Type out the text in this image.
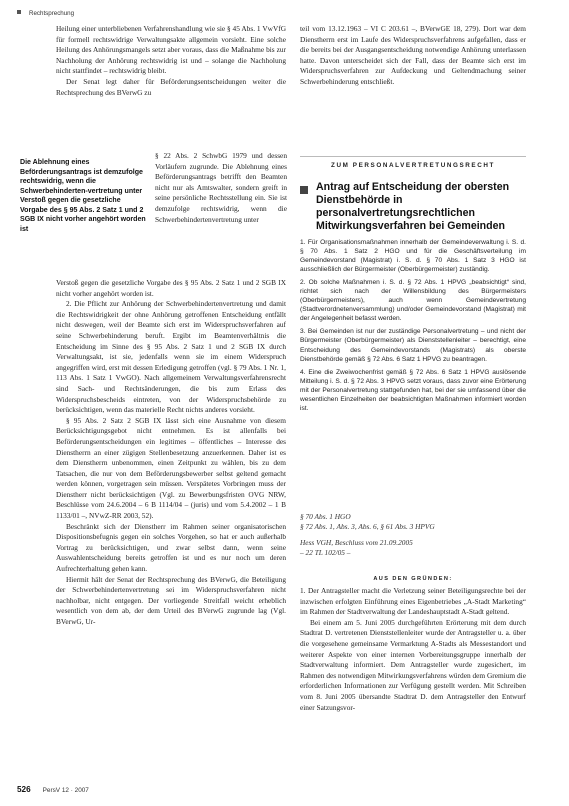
Rechtsprechung

Heilung einer unterbliebenen Verfahrenshandlung wie sie § 45 Abs. 1 VwVfG für formell rechtswidrige Verwaltungsakte allgemein vorsieht. Eine solche Heilung des Anhörungsmangels setzt aber voraus, dass die Maßnahme bis zur Nachholung der Anhörung rechtswidrig ist und – solange die Nachholung nicht stattfindet – rechtswidrig bleibt.

Der Senat legt daher für Beförderungsentscheidungen weiter die Rechtsprechung des BVerwG zu

Die Ablehnung eines Beförderungsantrags ist demzufolge rechtswidrig, wenn die Schwerbehinderten-vertretung unter Verstoß gegen die gesetzliche Vorgabe des § 95 Abs. 2 Satz 1 und 2 SGB IX nicht vorher angehört worden ist

§ 22 Abs. 2 SchwbG 1979 und dessen Vorläufern zugrunde. Die Ablehnung eines Beförderungsantrags betrifft den Beamten nicht nur als Amtswalter, sondern greift in seine persönliche Rechtsstellung ein. Sie ist demzufolge rechtswidrig, wenn die Schwerbehindertenvertretung unter

Verstoß gegen die gesetzliche Vorgabe des § 95 Abs. 2 Satz 1 und 2 SGB IX nicht vorher angehört worden ist.

2. Die Pflicht zur Anhörung der Schwerbehindertenvertretung und damit die Rechtswidrigkeit der ohne Anhörung getroffenen Entscheidung entfällt nicht deswegen, weil der Beamte sich erst im Widerspruchsverfahren auf seine Schwerbehinderung beruft. Ergibt im Beamtenverhältnis die Entscheidung im Sinne des § 95 Abs. 2 Satz 1 und 2 SGB IX durch Verwaltungsakt, ist sie, jedenfalls wenn sie im einem Widerspruch angegriffen wird, erst mit dessen Erledigung getroffen (vgl. § 79 Abs. 1 Nr. 1, 113 Abs. 1 Satz 1 VwGO). Nach allgemeinem Verwaltungsverfahrensrecht sind Sach- und Rechtsänderungen, die bis zum Erlass des Widerspruchsbescheids eintreten, von der Widerspruchsbehörde zu berücksichtigen, wenn das materielle Recht nichts anderes vorsieht.

§ 95 Abs. 2 Satz 2 SGB IX lässt sich eine Ausnahme von diesem Berücksichtigungsgebot nicht entnehmen. Es ist allenfalls bei Beförderungsentscheidungen ein legitimes – öffentliches – Interesse des Dienstherrn an einer zügigen Stellenbesetzung anzuerkennen. Daher ist es dem Dienstherrn unbenommen, einen Zeitpunkt zu wählen, bis zu dem Tatsachen, die nur von dem Beförderungsbewerber selbst geltend gemacht werden können, vorgetragen sein müssen. Verspätetes Vorbringen muss der Dienstherr nicht berücksichtigen (Vgl. zu Bewerbungsfristen OVG NRW, Beschlüsse vom 24.6.2004 – 6 B 1114/04 – (juris) und vom 5.4.2002 – 1 B 1133/01 –, NVwZ-RR 2003, 52).

Beschränkt sich der Dienstherr im Rahmen seiner organisatorischen Dispositionsbefugnis gegen ein solches Vorgehen, so hat er auch außerhalb Vortrag zu berücksichtigen, und zwar selbst dann, wenn seine Auswahlentscheidung bereits getroffen ist und es nur noch um deren Aufrechterhaltung gehen kann.

Hiermit hält der Senat der Rechtsprechung des BVerwG, die Beteiligung der Schwerbehindertenvertretung sei im Widerspruchsverfahren nicht nachholbar, nicht entgegen. Der vorliegende Streitfall weicht erheblich wesentlich von dem ab, der dem Urteil des BVerwG zugrunde lag (Vgl. BVerwG, Ur-

teil vom 13.12.1963 – VI C 203.61 –, BVerwGE 18, 279). Dort war dem Dienstherrn erst im Laufe des Widerspruchsverfahrens aufgefallen, dass er die bereits bei der Ausgangsentscheidung notwendige Anhörung unterlassen hatte. Davon unterscheidet sich der Fall, dass der Beamte sich erst im Widerspruchsverfahren zur Aufdeckung und Geltendmachung seiner Schwerbehinderung entschließt.

ZUM PERSONALVERTRETUNGSRECHT
Antrag auf Entscheidung der obersten Dienstbehörde in personalvertretungsrechtlichen Mitwirkungsverfahren bei Gemeinden

1. Für Organisationsmaßnahmen innerhalb der Gemeindeverwaltung i. S. d. § 70 Abs. 1 Satz 2 HGO und für die Geschäftsverteilung im Gemeindevorstand (Magistrat) i. S. d. § 70 Abs. 1 Satz 3 HGO ist ausschließlich der Bürgermeister (Oberbürgermeister) zuständig.

2. Ob solche Maßnahmen i. S. d. § 72 Abs. 1 HPVG „beabsichtigt“ sind, richtet sich nach der Willensbildung des Bürgermeisters (Oberbürgermeisters), auch wenn Gemeindevertretung (Stadtverordnetenversammlung) und/oder Gemeindevorstand (Magistrat) mit der Angelegenheit befasst werden.

3. Bei Gemeinden ist nur der zuständige Personalvertretung – und nicht der Bürgermeister (Oberbürgermeister) als Dienststellenleiter – berechtigt, eine Entscheidung des Gemeindevorstands (Magistrats) als oberste Dienstbehörde gemäß § 72 Abs. 6 Satz 1 HPVG zu beantragen.

4. Eine die Zweiwochenfrist gemäß § 72 Abs. 6 Satz 1 HPVG auslösende Mitteilung i. S. d. § 72 Abs. 3 HPVG setzt voraus, dass zuvor eine Erörterung mit der Personalvertretung stattgefunden hat, bei der sie umfassend über die wesentlichen Einzelheiten der beabsichtigten Maßnahmen informiert worden ist.

§ 70 Abs. 1 HGO
§ 72 Abs. 1, Abs. 3, Abs. 6, § 61 Abs. 3 HPVG
Hess VGH, Beschluss vom 21.09.2005
– 22 TL 102/05 –
AUS DEN GRÜNDEN:

1. Der Antragsteller macht die Verletzung seiner Beteiligungsrechte bei der inzwischen erfolgten Einführung eines Eigenbetriebes „A-Stadt Marketing“ im Rahmen der Stadtverwaltung der Landeshauptstadt A-Stadt geltend.

Bei einem am 5. Juni 2005 durchgeführten Erörterung mit dem durch Stadtrat D. vertretenen Dienststellenleiter wurde der Antragsteller u. a. über die vorgesehene gemeinsame Vermarktung A-Stadts als Messestandort und weiterer Aspekte von einer internen Vorbereitungsgruppe innerhalb der Stadtverwaltung informiert. Dem Antragsteller wurde zugesichert, im Rahmen des notwendigen Mitwirkungsverfahrens würden dem Gremium die erforderlichen Informationen zur Verfügung gestellt werden. Mit Schreiben vom 8. Juni 2005 übersandte Stadtrat D. dem Antragsteller den Entwurf einer Satzungsvor-

526 PersV 12 · 2007
